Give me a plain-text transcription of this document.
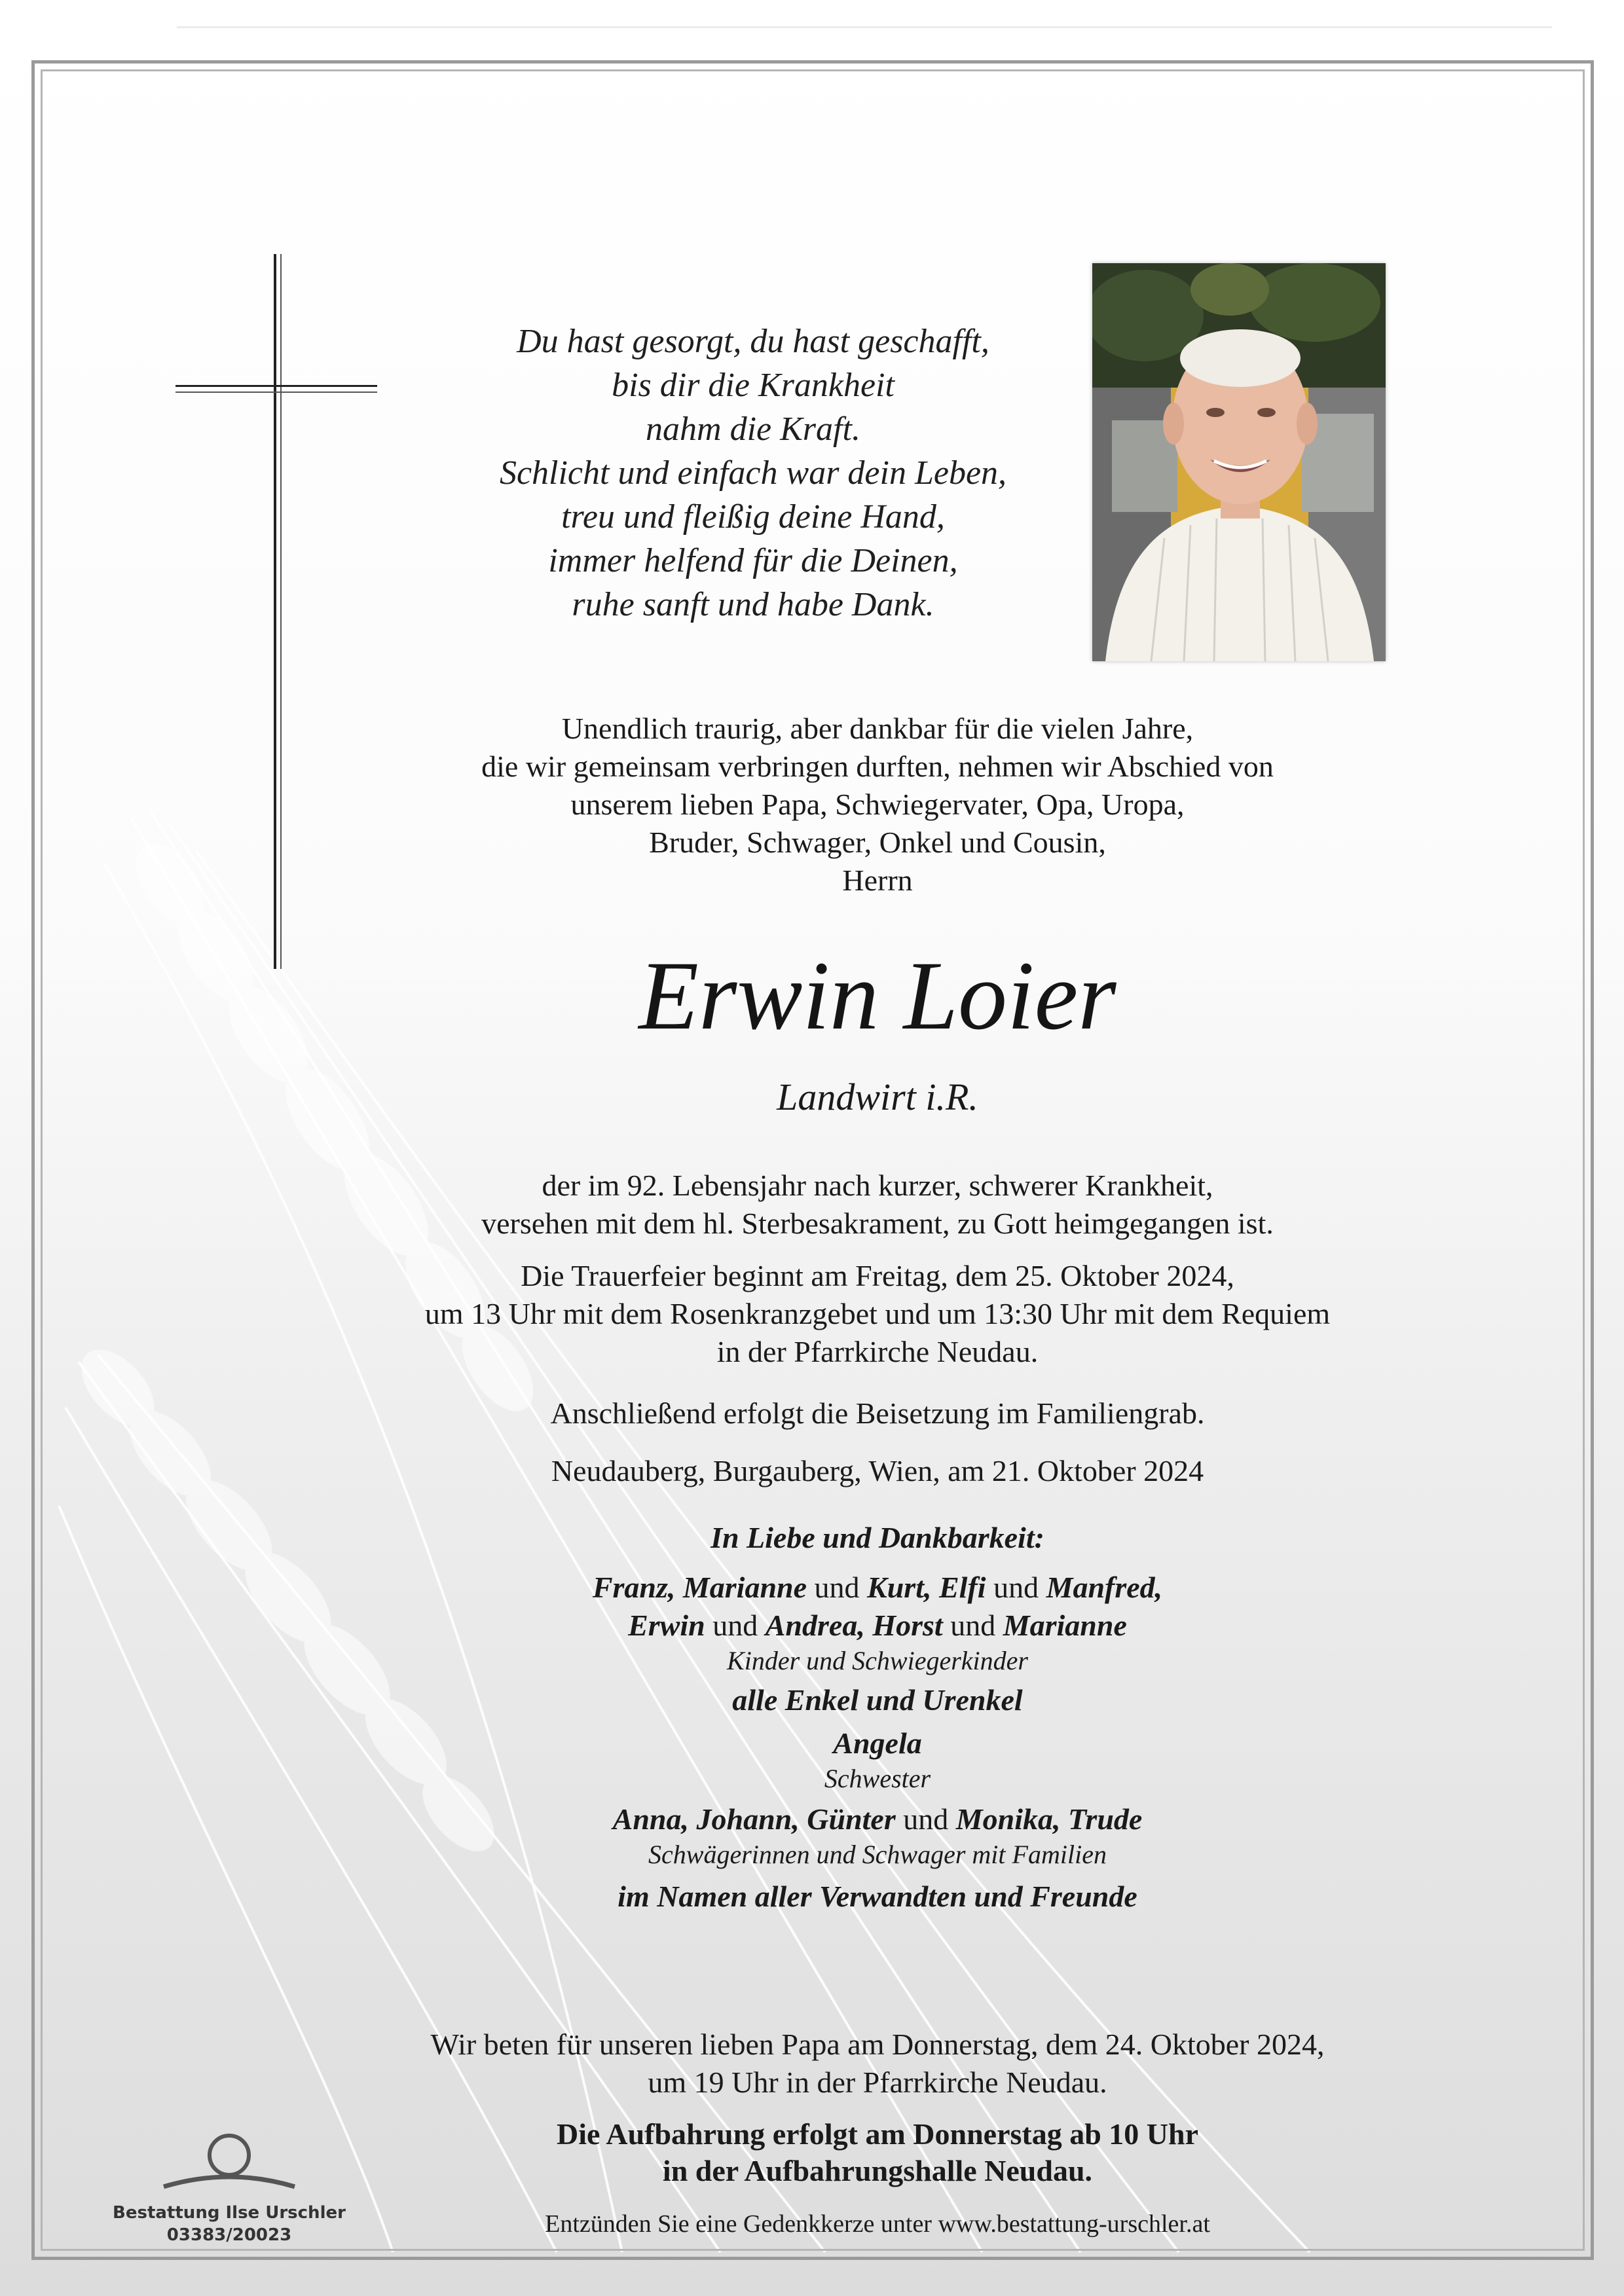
Du hast gesorgt, du hast geschafft,
bis dir die Krankheit
nahm die Kraft.
Schlicht und einfach war dein Leben,
treu und fleißig deine Hand,
immer helfend für die Deinen,
ruhe sanft und habe Dank.
Unendlich traurig, aber dankbar für die vielen Jahre,
die wir gemeinsam verbringen durften, nehmen wir Abschied von
unserem lieben Papa, Schwiegervater, Opa, Uropa,
Bruder, Schwager, Onkel und Cousin,
Herrn
Erwin Loier
Landwirt i.R.
der im 92. Lebensjahr nach kurzer, schwerer Krankheit,
versehen mit dem hl. Sterbesakrament, zu Gott heimgegangen ist.
Die Trauerfeier beginnt am Freitag, dem 25. Oktober 2024,
um 13 Uhr mit dem Rosenkranzgebet und um 13:30 Uhr mit dem Requiem
in der Pfarrkirche Neudau.
Anschließend erfolgt die Beisetzung im Familiengrab.
Neudauberg, Burgauberg, Wien, am 21. Oktober 2024
In Liebe und Dankbarkeit:
Franz, Marianne und Kurt, Elfi und Manfred,
Erwin und Andrea, Horst und Marianne
Kinder und Schwiegerkinder
alle Enkel und Urenkel
Angela
Schwester
Anna, Johann, Günter und Monika, Trude
Schwägerinnen und Schwager mit Familien
im Namen aller Verwandten und Freunde
Wir beten für unseren lieben Papa am Donnerstag, dem 24. Oktober 2024,
um 19 Uhr in der Pfarrkirche Neudau.
Die Aufbahrung erfolgt am Donnerstag ab 10 Uhr
in der Aufbahrungshalle Neudau.
Entzünden Sie eine Gedenkkerze unter www.bestattung-urschler.at
Bestattung Ilse Urschler
03383/20023
